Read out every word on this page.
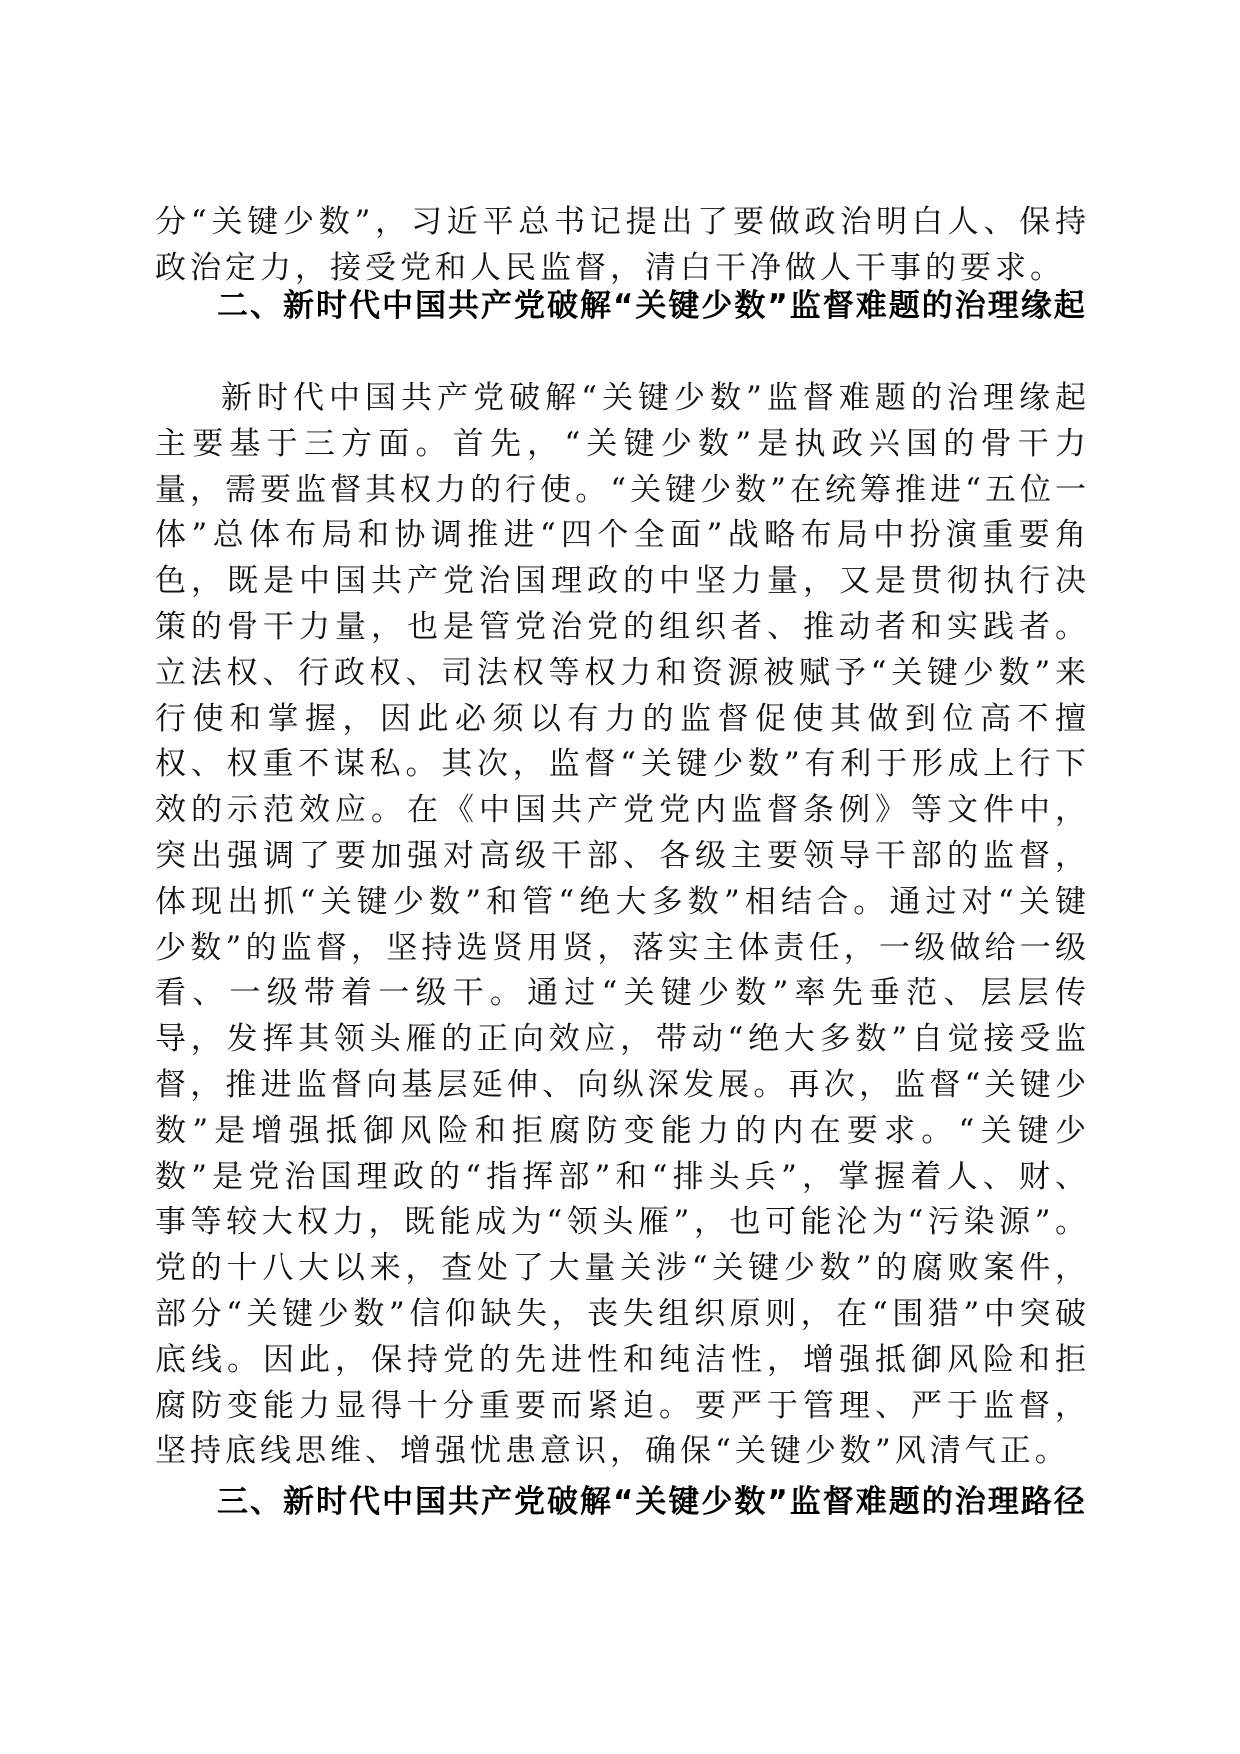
分“关键少数”，习近平总书记提出了要做政治明白人、保持政治定力，接受党和人民监督，清白干净做人干事的要求。

二、新时代中国共产党破解“关键少数”监督难题的治理缘起

新时代中国共产党破解“关键少数”监督难题的治理缘起主要基于三方面。首先，“关键少数”是执政兴国的骨干力量，需要监督其权力的行使。“关键少数”在统筹推进“五位一体”总体布局和协调推进“四个全面”战略布局中扮演重要角色，既是中国共产党治国理政的中坚力量，又是贯彻执行决策的骨干力量，也是管党治党的组织者、推动者和实践者。立法权、行政权、司法权等权力和资源被赋予“关键少数”来行使和掌握，因此必须以有力的监督促使其做到位高不擅权、权重不谋私。其次，监督“关键少数”有利于形成上行下效的示范效应。在《中国共产党党内监督条例》等文件中，突出强调了要加强对高级干部、各级主要领导干部的监督，体现出抓“关键少数”和管“绝大多数”相结合。通过对“关键少数”的监督，坚持选贤用贤，落实主体责任，一级做给一级看、一级带着一级干。通过“关键少数”率先垂范、层层传导，发挥其领头雁的正向效应，带动“绝大多数”自觉接受监督，推进监督向基层延伸、向纵深发展。再次，监督“关键少数”是增强抵御风险和拒腐防变能力的内在要求。“关键少数”是党治国理政的“指挥部”和“排头兵”，掌握着人、财、事等较大权力，既能成为“领头雁”，也可能沦为“污染源”。党的十八大以来，查处了大量关涉“关键少数”的腐败案件，部分“关键少数”信仰缺失，丧失组织原则，在“围猎”中突破底线。因此，保持党的先进性和纯洁性，增强抵御风险和拒腐防变能力显得十分重要而紧迫。要严于管理、严于监督，坚持底线思维、增强忧患意识，确保“关键少数”风清气正。

三、新时代中国共产党破解“关键少数”监督难题的治理路径
